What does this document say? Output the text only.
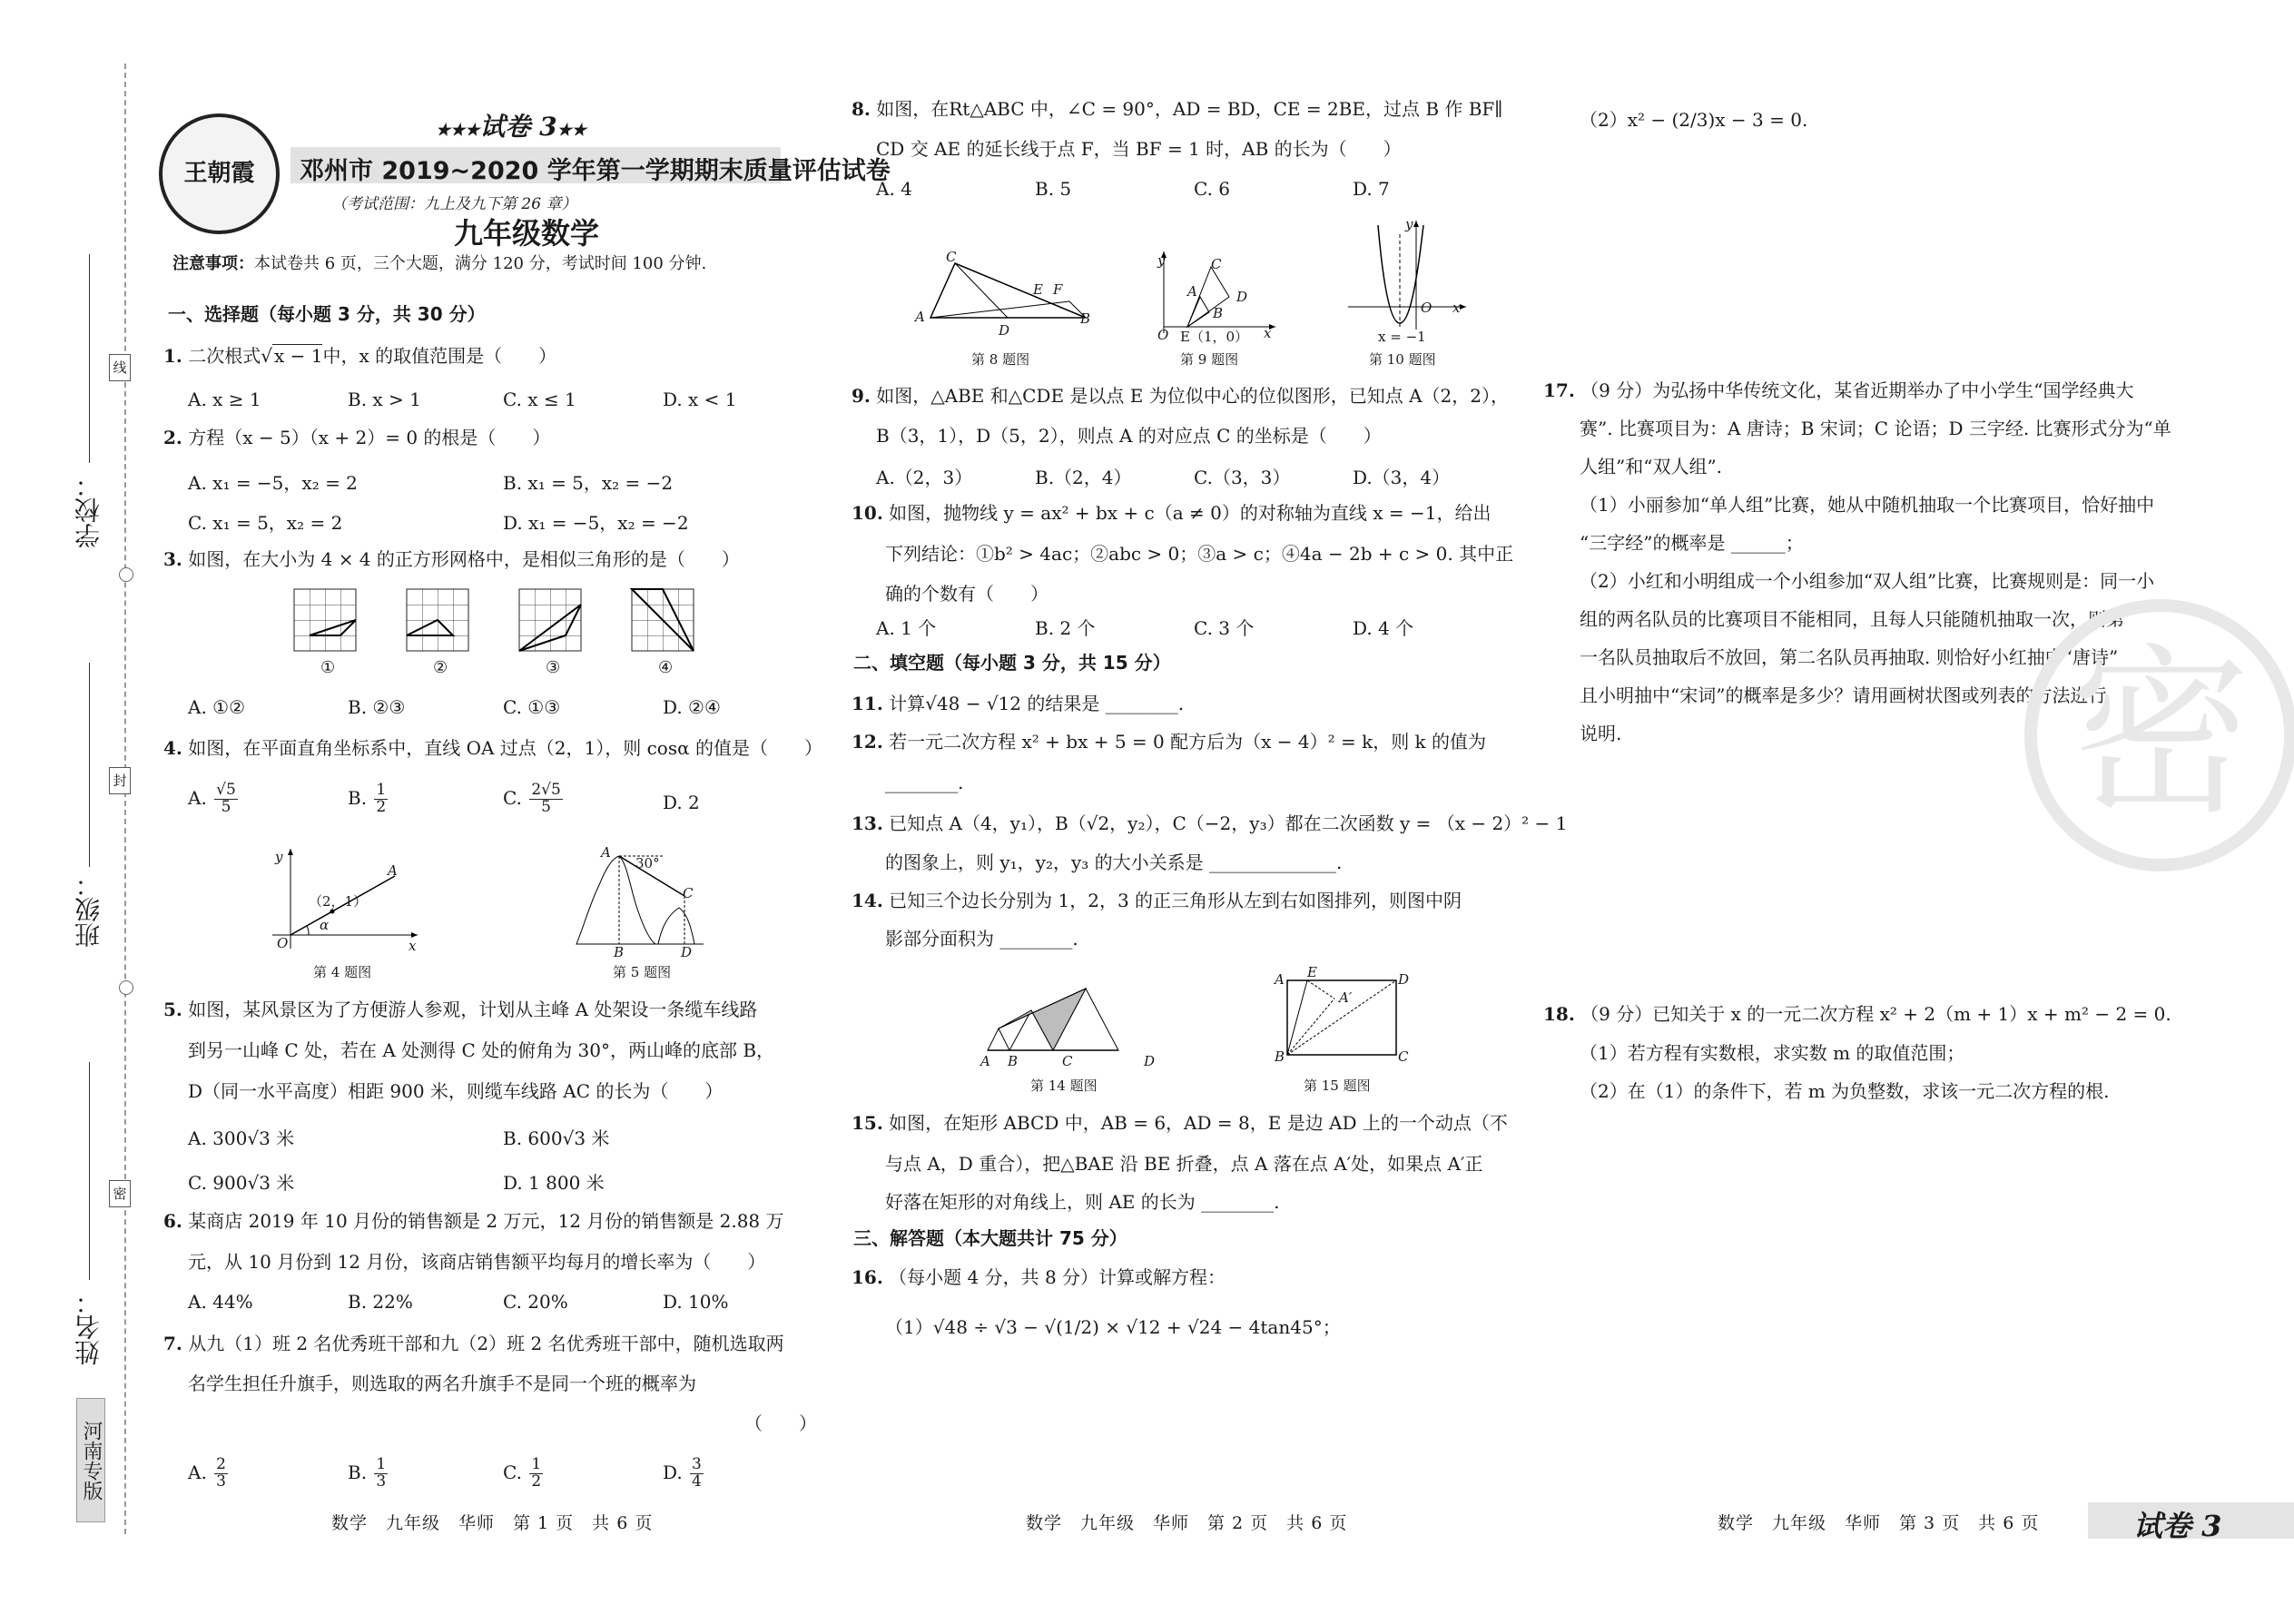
学校：
班级：
姓名：
线
封
密
河南专版
王朝霞
★★★试卷 3★★
邓州市 2019~2020 学年第一学期期末质量评估试卷
（考试范围：九上及九下第 26 章）
九年级数学
注意事项：本试卷共 6 页，三个大题，满分 120 分，考试时间 100 分钟.
一、选择题（每小题 3 分，共 30 分）
1. 二次根式√ x − 1中，x 的取值范围是（　　）
A. x ≥ 1	B. x > 1	C. x ≤ 1	D. x < 1
2. 方程（x − 5）（x + 2）= 0 的根是（　　）
A. x₁ = −5，x₂ = 2	B. x₁ = 5，x₂ = −2
C. x₁ = 5，x₂ = 2	D. x₁ = −5，x₂ = −2
3. 如图，在大小为 4 × 4 的正方形网格中，是相似三角形的是（　　）
①	②	③	④
A. ①②	B. ②③	C. ①③	D. ②④
4. 如图，在平面直角坐标系中，直线 OA 过点（2，1），则 cosα 的值是（　　）
A. $\frac{√5}{5}$	B. $\frac{1}{2}$	C. $\frac{2√5}{5}$	D. 2
y
x
O
A
（2，1）
α
第 4 题图
A
30°
C
B	D
第 5 题图
5. 如图，某风景区为了方便游人参观，计划从主峰 A 处架设一条缆车线路
到另一山峰 C 处，若在 A 处测得 C 处的俯角为 30°，两山峰的底部 B，
D（同一水平高度）相距 900 米，则缆车线路 AC 的长为（　　）
A. 300√3 米	B. 600√3 米
C. 900√3 米	D. 1 800 米
6. 某商店 2019 年 10 月份的销售额是 2 万元，12 月份的销售额是 2.88 万
元，从 10 月份到 12 月份，该商店销售额平均每月的增长率为（　　）
A. 44%	B. 22%	C. 20%	D. 10%
7. 从九（1）班 2 名优秀班干部和九（2）班 2 名优秀班干部中，随机选取两
名学生担任升旗手，则选取的两名升旗手不是同一个班的概率为
（　　）
A. $\frac{2}{3}$	B. $\frac{1}{3}$	C. $\frac{1}{2}$	D. $\frac{3}{4}$
8. 如图，在Rt△ABC 中，∠C = 90°，AD = BD，CE = 2BE，过点 B 作 BF∥
CD 交 AE 的延长线于点 F，当 BF = 1 时，AB 的长为（　　）
A. 4	B. 5	C. 6	D. 7
C
A
D
E F
B
第 8 题图
y
x
C
A	D
B
O E（1，0）
第 9 题图
y
x
O
x = −1
第 10 题图
9. 如图，△ABE 和△CDE 是以点 E 为位似中心的位似图形，已知点 A（2，2），
B（3，1），D（5，2），则点 A 的对应点 C 的坐标是（　　）
A.（2，3）	B.（2，4）	C.（3，3）	D.（3，4）
10. 如图，抛物线 y = ax² + bx + c（a ≠ 0）的对称轴为直线 x = −1，给出
下列结论：①b² > 4ac；②abc > 0；③a > c；④4a − 2b + c > 0. 其中正
确的个数有（　　）
A. 1 个	B. 2 个	C. 3 个	D. 4 个
二、填空题（每小题 3 分，共 15 分）
11. 计算√48 − √12 的结果是 ________.
12. 若一元二次方程 x² + bx + 5 = 0 配方后为（x − 4）² = k，则 k 的值为
________.
13. 已知点 A（4，y₁），B（√2，y₂），C（−2，y₃）都在二次函数 y = （x − 2）² − 1
的图象上，则 y₁，y₂，y₃ 的大小关系是 ______________.
14. 已知三个边长分别为 1，2，3 的正三角形从左到右如图排列，则图中阴
影部分面积为 ________.
A B	C	D
第 14 题图
A E	D
A′
B	C
第 15 题图
15. 如图，在矩形 ABCD 中，AB = 6，AD = 8，E 是边 AD 上的一个动点（不
与点 A，D 重合），把△BAE 沿 BE 折叠，点 A 落在点 A′处，如果点 A′正
好落在矩形的对角线上，则 AE 的长为 ________.
三、解答题（本大题共计 75 分）
16. （每小题 4 分，共 8 分）计算或解方程：
（1）√48 ÷ √3 − √(1/2) × √12 + √24 − 4tan45°；
（2）x² − (2/3)x − 3 = 0.
17. （9 分）为弘扬中华传统文化，某省近期举办了中小学生“国学经典大
赛”. 比赛项目为：A 唐诗；B 宋词；C 论语；D 三字经. 比赛形式分为“单
人组”和“双人组”.
（1）小丽参加“单人组”比赛，她从中随机抽取一个比赛项目，恰好抽中
“三字经”的概率是 ______；
（2）小红和小明组成一个小组参加“双人组”比赛，比赛规则是：同一小
组的两名队员的比赛项目不能相同，且每人只能随机抽取一次，则第
一名队员抽取后不放回，第二名队员再抽取. 则恰好小红抽中“唐诗”
且小明抽中“宋词”的概率是多少？请用画树状图或列表的方法进行
说明. 密
18. （9 分）已知关于 x 的一元二次方程 x² + 2（m + 1）x + m² − 2 = 0.
（1）若方程有实数根，求实数 m 的取值范围；
（2）在（1）的条件下，若 m 为负整数，求该一元二次方程的根.
数学　九年级　华师　第 1 页　共 6 页	数学　九年级　华师　第 2 页　共 6 页	数学　九年级　华师　第 3 页　共 6 页	试卷 3
